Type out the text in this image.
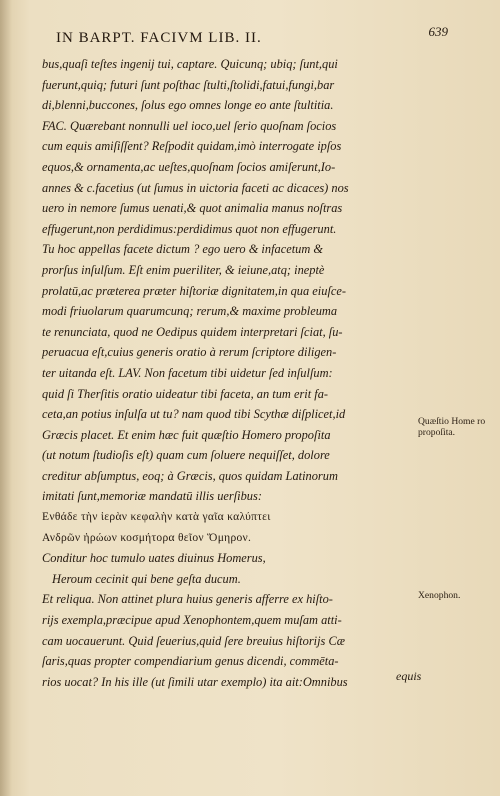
IN BARPT. FACIVM LIB. II.	639
bus,quaſi teſtes ingenij tui, captare. Quicunq; ubiq; ſunt,qui
fuerunt,quiq; futuri ſunt poſthac ſtulti,ſtolidi,fatui,fungi,bar
di,blenni,buccones, ſolus ego omnes longe eo ante ſtultitia.
FAC. Quærebant nonnulli uel ioco,uel ſerio quoſnam ſocios
cum equis amiſiſſent? Reſpodit quidam,imò interrogate ipſos
equos,& ornamenta,ac ueſtes,quoſnam ſocios amiſerunt,Io-
annes & c.facetius (ut ſumus in uictoria faceti ac dicaces) nos
uero in nemore ſumus uenati,& quot animalia manus noſtras
effugerunt,non perdidimus:perdidimus quot non effugerunt.
Tu hoc appellas facete dictum ? ego uero & infacetum &
prorſus inſulſum. Eſt enim pueriliter, & ieiune,atq; ineptè
prolatū,ac præterea præter hiſtoriæ dignitatem,in qua eiuſce-
modi friuolarum quarumcunq; rerum,& maxime probleuma
te renunciata, quod ne Oedipus quidem interpretari ſciat, ſu-
peruacua eſt,cuius generis oratio à rerum ſcriptore diligen-
ter uitanda eſt. LAV. Non facetum tibi uidetur ſed inſulſum:
quid ſi Therſitis oratio uideatur tibi faceta, an tum erit fa-
ceta,an potius inſulſa ut tu? nam quod tibi Scythæ diſplicet,id
Græcis placet. Et enim hæc fuit quæſtio Homero propoſita
(ut notum ſtudioſis eſt) quam cum ſoluere nequiſſet, dolore
creditur abſumptus, eoq; à Græcis, quos quidam Latinorum
imitati ſunt,memoriæ mandatū illis uerſibus:
Ενθάδε τὴν ἱερὰν κεφαλὴν κατὰ γαῖα καλύπτει
Ανδρῶν ἡρώων κοσμήτορα θεῖον Ὅμηρον.
Conditur hoc tumulo uates diuinus Homerus,
Heroum cecinit qui bene geſta ducum.
Et reliqua. Non attinet plura huius generis afferre ex hiſto-
rijs exempla,præcipue apud Xenophontem,quem muſam atti-
cam uocauerunt. Quid ſeuerius,quid ſere breuius hiſtorijs Cæ
ſaris,quas propter compendiarium genus dicendi, commēta-
rios uocat? In his ille (ut ſimili utar exemplo) ita ait:Omnibus
Quæſtio Home ro propoſita.
Xenophon.
equis
